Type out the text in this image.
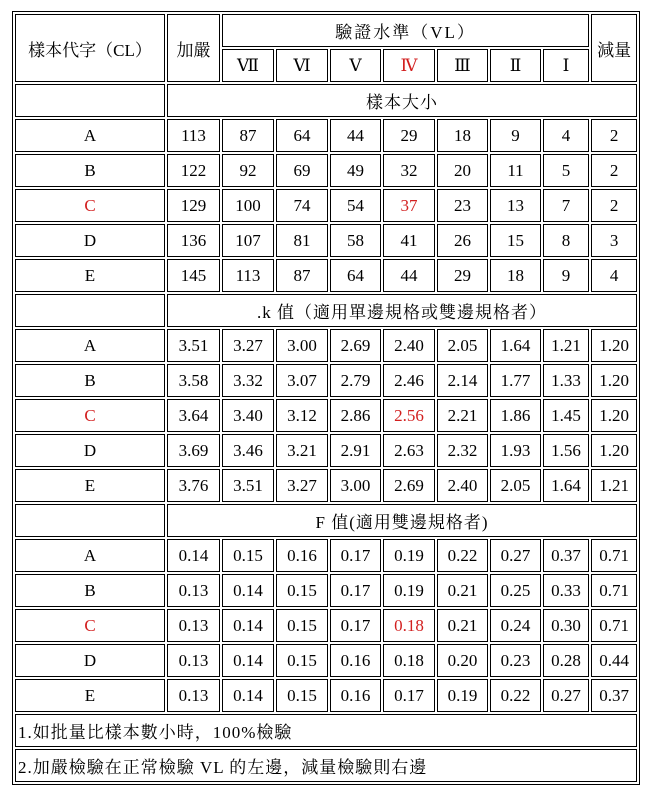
樣本代字（CL）	加嚴	驗證水準（VL）							減量
		Ⅶ	Ⅵ	Ⅴ	Ⅳ	Ⅲ	Ⅱ	Ⅰ	
	樣本大小								
A	113	87	64	44	29	18	9	4	2
B	122	92	69	49	32	20	11	5	2
C	129	100	74	54	37	23	13	7	2
D	136	107	81	58	41	26	15	8	3
E	145	113	87	64	44	29	18	9	4
	.k 值（適用單邊規格或雙邊規格者）								
A	3.51	3.27	3.00	2.69	2.40	2.05	1.64	1.21	1.20
B	3.58	3.32	3.07	2.79	2.46	2.14	1.77	1.33	1.20
C	3.64	3.40	3.12	2.86	2.56	2.21	1.86	1.45	1.20
D	3.69	3.46	3.21	2.91	2.63	2.32	1.93	1.56	1.20
E	3.76	3.51	3.27	3.00	2.69	2.40	2.05	1.64	1.21
	F 值(適用雙邊規格者)								
A	0.14	0.15	0.16	0.17	0.19	0.22	0.27	0.37	0.71
B	0.13	0.14	0.15	0.17	0.19	0.21	0.25	0.33	0.71
C	0.13	0.14	0.15	0.17	0.18	0.21	0.24	0.30	0.71
D	0.13	0.14	0.15	0.16	0.18	0.20	0.23	0.28	0.44
E	0.13	0.14	0.15	0.16	0.17	0.19	0.22	0.27	0.37
1.如批量比樣本數小時，100%檢驗									
2.加嚴檢驗在正常檢驗 VL 的左邊，減量檢驗則右邊									
